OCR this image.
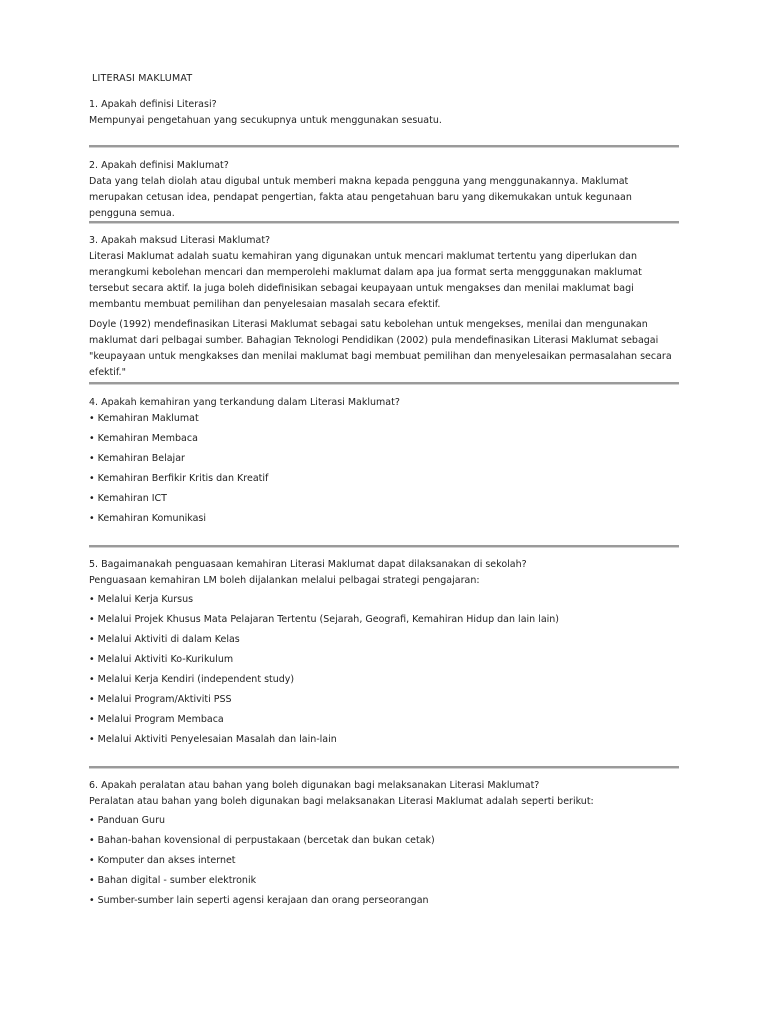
LITERASI MAKLUMAT

1. Apakah definisi Literasi?

Mempunyai pengetahuan yang secukupnya untuk menggunakan sesuatu.

2. Apakah definisi Maklumat?

Data yang telah diolah atau digubal untuk memberi makna kepada pengguna yang menggunakannya. Maklumat merupakan cetusan idea, pendapat pengertian, fakta atau pengetahuan baru yang dikemukakan untuk kegunaan pengguna semua.

3. Apakah maksud Literasi Maklumat?

Literasi Maklumat adalah suatu kemahiran yang digunakan untuk mencari maklumat tertentu yang diperlukan dan merangkumi kebolehan mencari dan memperolehi maklumat dalam apa jua format serta mengggunakan maklumat tersebut secara aktif. Ia juga boleh didefinisikan sebagai keupayaan untuk mengakses dan menilai maklumat bagi membantu membuat pemilihan dan penyelesaian masalah secara efektif.

Doyle (1992) mendefinasikan Literasi Maklumat sebagai satu kebolehan untuk mengekses, menilai dan mengunakan maklumat dari pelbagai sumber. Bahagian Teknologi Pendidikan (2002) pula mendefinasikan Literasi Maklumat sebagai "keupayaan untuk mengkakses dan menilai maklumat bagi membuat pemilihan dan menyelesaikan permasalahan secara efektif."

4. Apakah kemahiran yang terkandung dalam Literasi Maklumat?

• Kemahiran Maklumat
• Kemahiran Membaca
• Kemahiran Belajar
• Kemahiran Berfikir Kritis dan Kreatif
• Kemahiran ICT
• Kemahiran Komunikasi

5. Bagaimanakah penguasaan kemahiran Literasi Maklumat dapat dilaksanakan di sekolah?

Penguasaan kemahiran LM boleh dijalankan melalui pelbagai strategi pengajaran:

• Melalui Kerja Kursus
• Melalui Projek Khusus Mata Pelajaran Tertentu (Sejarah, Geografi, Kemahiran Hidup dan lain lain)
• Melalui Aktiviti di dalam Kelas
• Melalui Aktiviti Ko-Kurikulum
• Melalui Kerja Kendiri (independent study)
• Melalui Program/Aktiviti PSS
• Melalui Program Membaca
• Melalui Aktiviti Penyelesaian Masalah dan lain-lain

6. Apakah peralatan atau bahan yang boleh digunakan bagi melaksanakan Literasi Maklumat?

Peralatan atau bahan yang boleh digunakan bagi melaksanakan Literasi Maklumat adalah seperti berikut:

• Panduan Guru
• Bahan-bahan kovensional di perpustakaan (bercetak dan bukan cetak)
• Komputer dan akses internet
• Bahan digital - sumber elektronik
• Sumber-sumber lain seperti agensi kerajaan dan orang perseorangan
